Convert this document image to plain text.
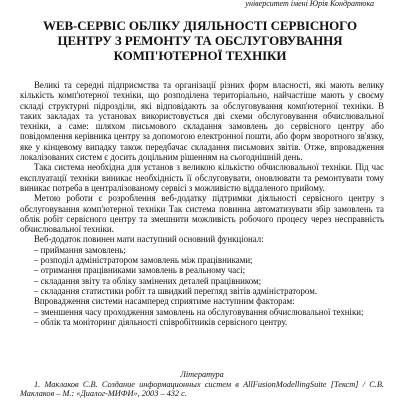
університет імені Юрія Кондратюка
WEB-СЕРВІС ОБЛІКУ ДІЯЛЬНОСТІ СЕРВІСНОГО
ЦЕНТРУ З РЕМОНТУ ТА ОБСЛУГОВУВАННЯ
КОМП'ЮТЕРНОЇ ТЕХНІКИ

Великі та середні підприємства та організації різних форм власності, які мають велику кількість комп'ютерної техніки, що розподілена територіально, найчастіше мають у своєму складі структурні підрозділи, які відповідають за обслуговування комп'ютерної техніки. В таких закладах та установах використовується дві схеми обслуговування обчислювальної техніки, а саме: шляхом письмового складання замовлень до сервісного центру або повідомлення керівника центру за допомогою електронної пошти, або форм зворотного зв'язку, яке у кінцевому випадку також передбачає складання письмових звітів. Отже, впровадження локалізованих систем є досить доцільним рішенням на сьогоднішній день.

Така система необхідна для установ з великою кількістю обчислювальної техніки. Під час експлуатації техніки виникає необхідність її обслуговувати, оновлювати та ремонтувати тому виникає потреба в централізованому сервісі з можливістю віддаленого прийому.

Метою роботи є розроблення веб-додатку підтримки діяльності сервісного центру з обслуговування комп'ютерної техніки Так система повинна автоматизувати збір замовлень та облік робіт сервісного центру та змешнити можливість робочого процесу через несправність обчислювальної техніки.

Веб-додаток повинен мати наступний основний функціонал:

– приймання замовлень;
– розподіл адміністратором замовлень між працівниками;
– отримання працівниками замовлень в реальному часі;
– складання звіту та обліку замінених деталей працівником;
– складання статистики робіт та швидкий перегляд звітів адміністратором.

Впровадження системи насамперед сприятиме наступним факторам:

– зменшення часу проходження замовлень на обслуговування обчислювальної техніки;
– облік та моніторинг діяльності співробітників сервісного центру.
Література
1. Маклаков С.В. Создание информационных систем в AllFusionModellingSuite [Текст] / С.В. Маклаков – М.: «Диалог-МИФИ», 2003 – 432 с.
